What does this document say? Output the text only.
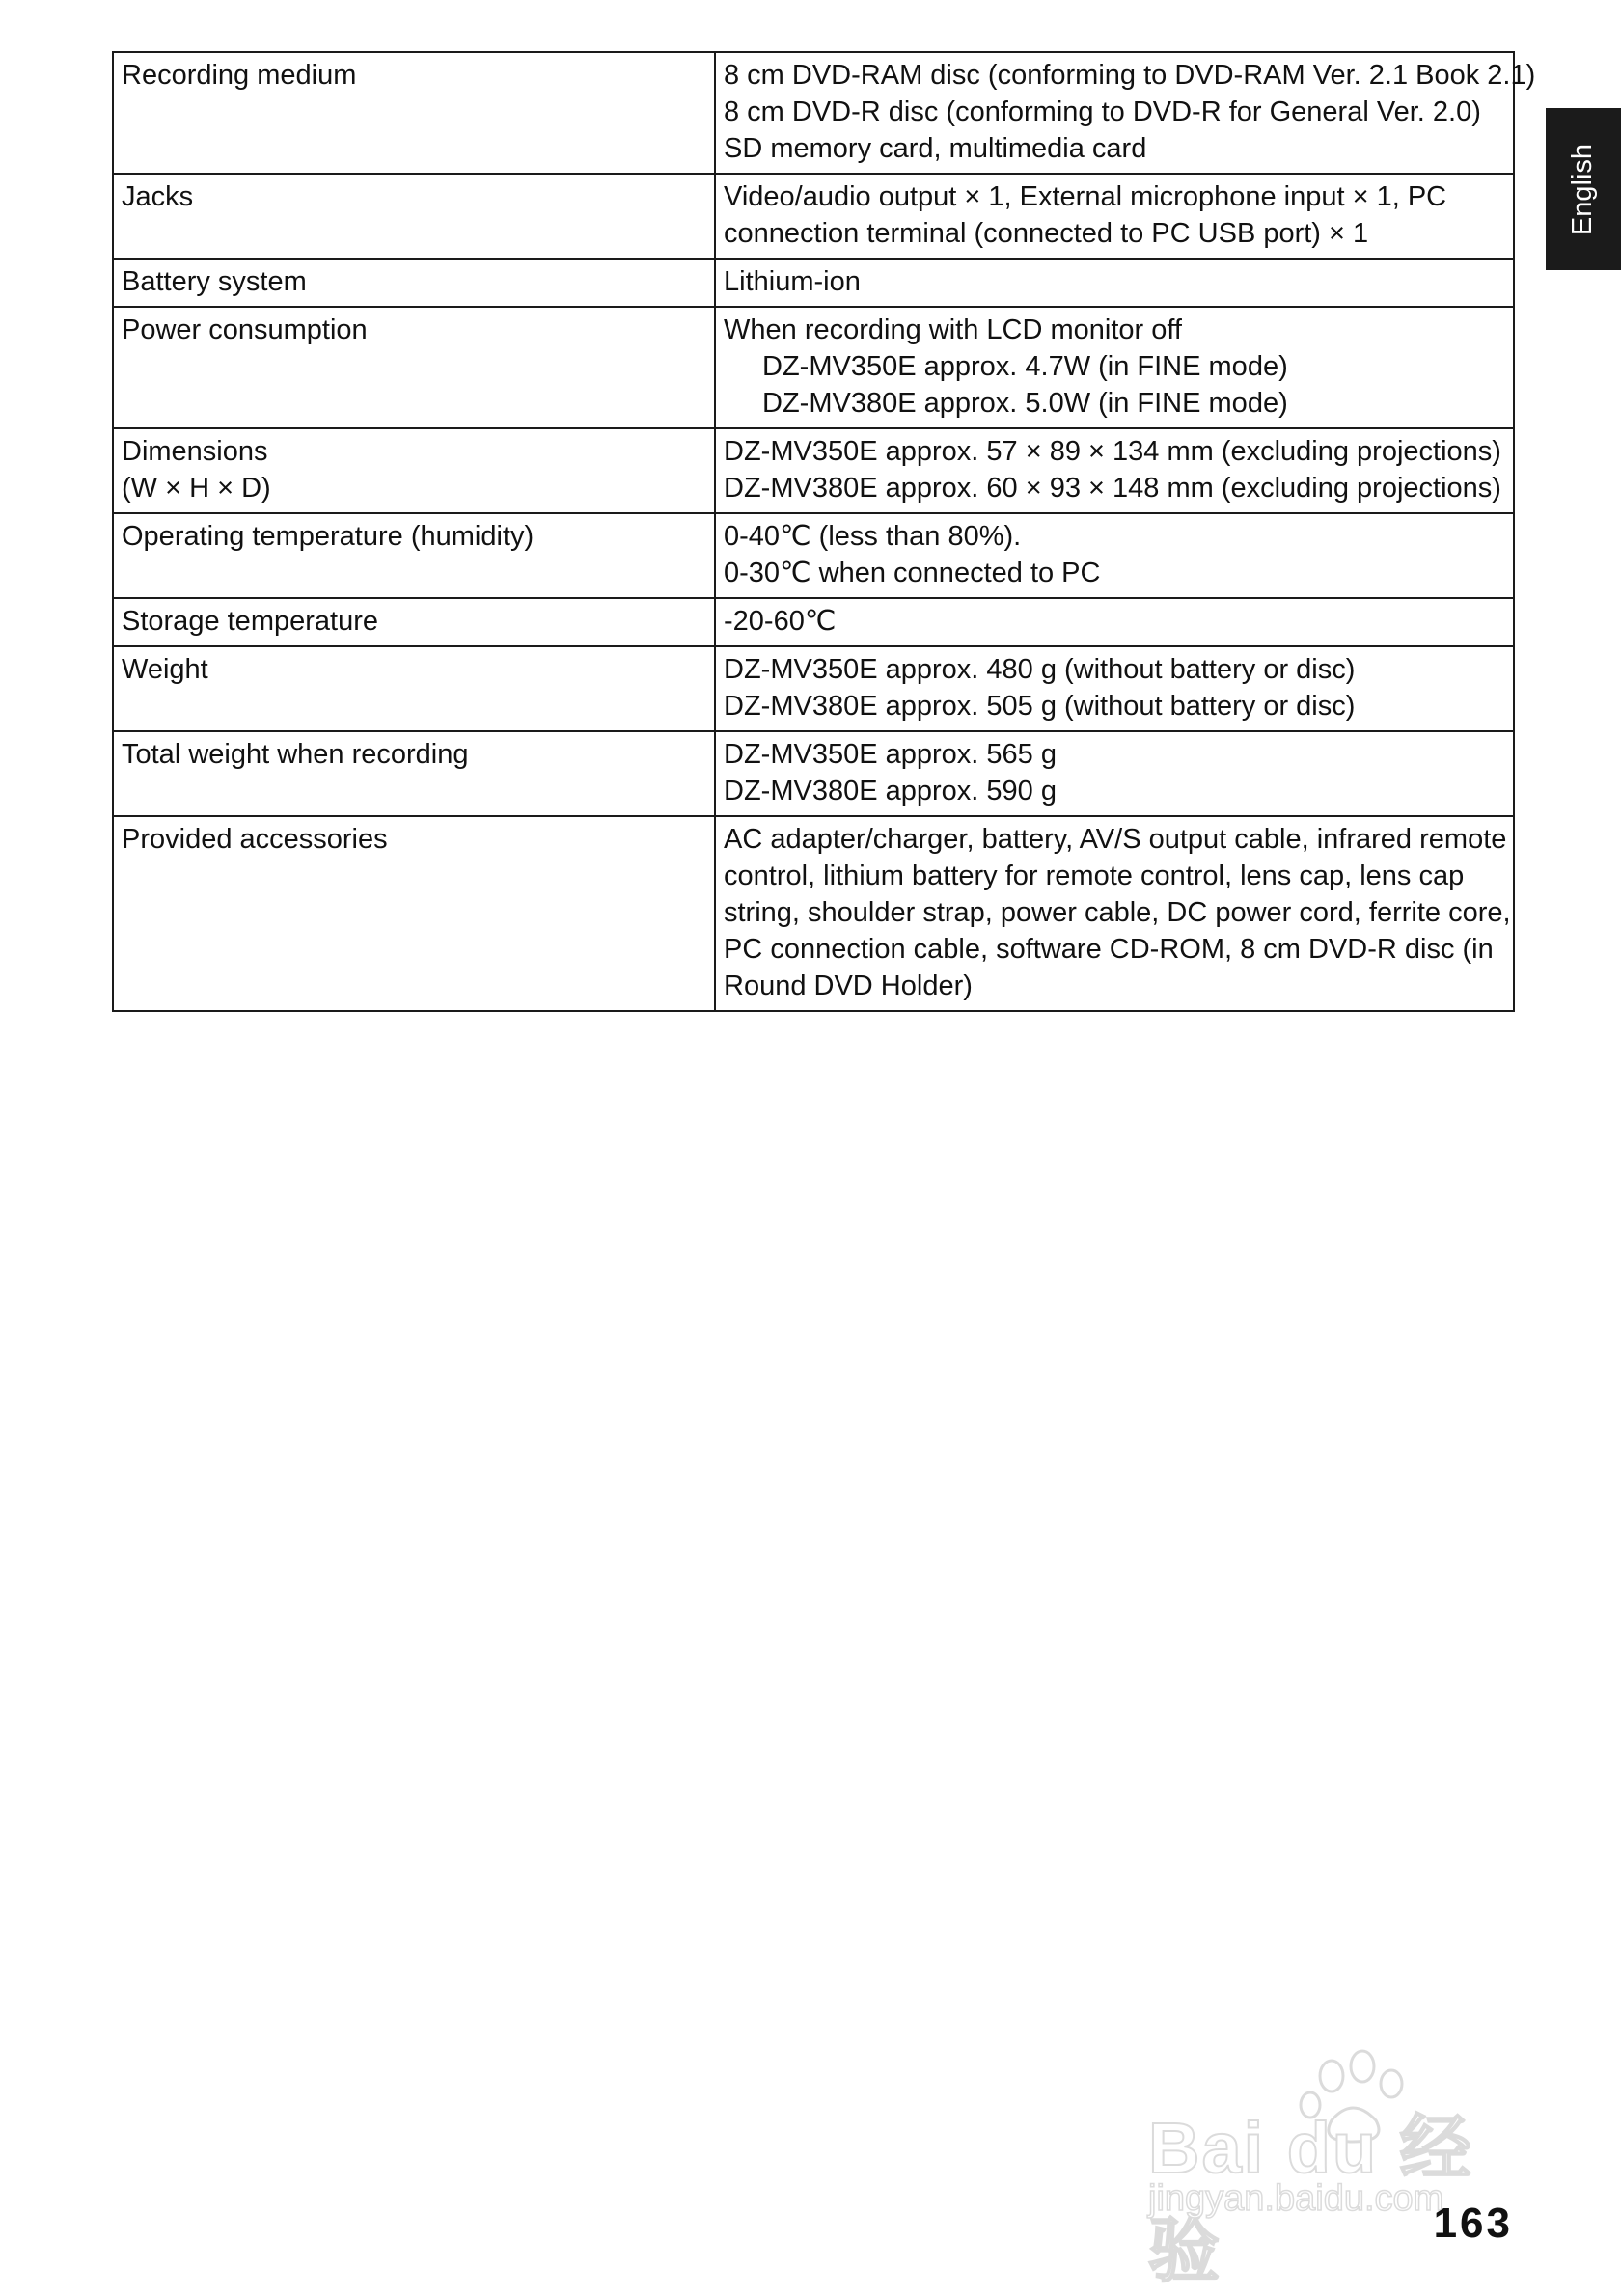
Recording medium	8 cm DVD-RAM disc (conforming to DVD-RAM Ver. 2.1 Book 2.1)
8 cm DVD-R disc (conforming to DVD-R for General Ver. 2.0)
SD memory card, multimedia card

Jacks	Video/audio output × 1, External microphone input × 1, PC
connection terminal (connected to PC USB port) × 1

Battery system	Lithium-ion

Power consumption	When recording with LCD monitor off
DZ-MV350E approx. 4.7W (in FINE mode)
DZ-MV380E approx. 5.0W (in FINE mode)

Dimensions
(W × H × D)	DZ-MV350E approx. 57 × 89 × 134 mm (excluding projections)
DZ-MV380E approx. 60 × 93 × 148 mm (excluding projections)

Operating temperature (humidity)	0-40℃ (less than 80%).
0-30℃ when connected to PC

Storage temperature	-20-60℃

Weight	DZ-MV350E approx. 480 g (without battery or disc)
DZ-MV380E approx. 505 g (without battery or disc)

Total weight when recording	DZ-MV350E approx. 565 g
DZ-MV380E approx. 590 g

Provided accessories	AC adapter/charger, battery, AV/S output cable, infrared remote
control, lithium battery for remote control, lens cap, lens cap
string, shoulder strap, power cable, DC power cord, ferrite core,
PC connection cable, software CD-ROM, 8 cm DVD-R disc (in
Round DVD Holder)
English
Bai du 经验
jingyan.baidu.com
163
